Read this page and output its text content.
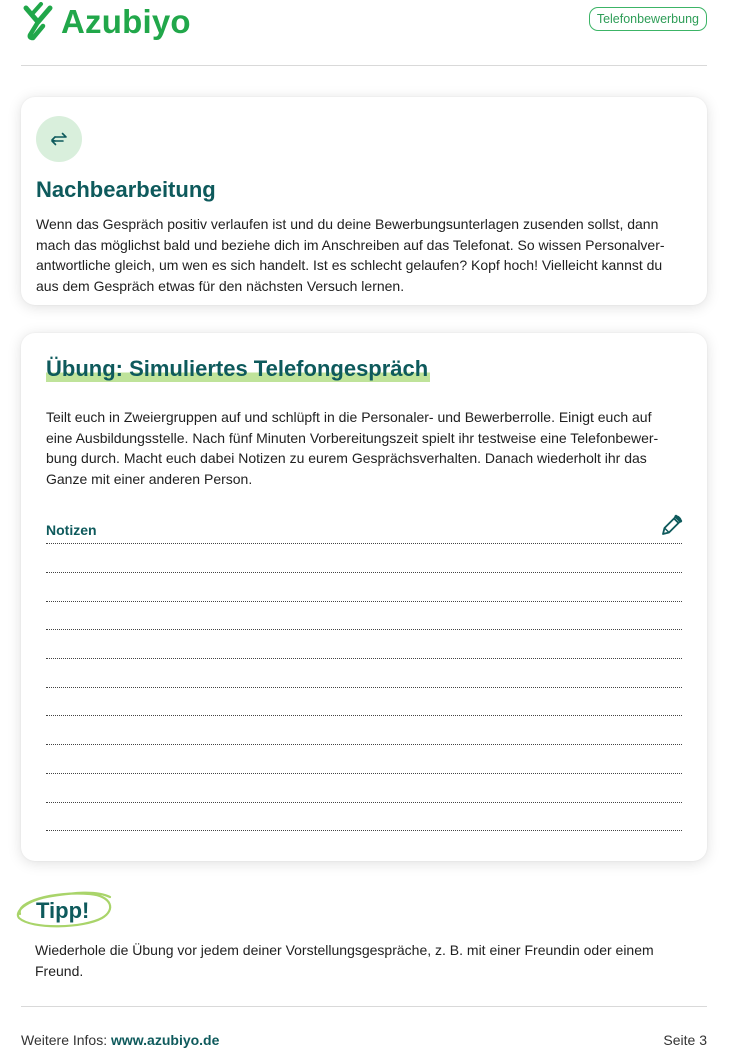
Azubiyo	Telefonbewerbung
Nachbearbeitung
Wenn das Gespräch positiv verlaufen ist und du deine Bewerbungsunterlagen zusenden sollst, dann
mach das möglichst bald und beziehe dich im Anschreiben auf das Telefonat. So wissen Personalver-
antwortliche gleich, um wen es sich handelt. Ist es schlecht gelaufen? Kopf hoch! Vielleicht kannst du
aus dem Gespräch etwas für den nächsten Versuch lernen.
Übung: Simuliertes Telefongespräch
Teilt euch in Zweiergruppen auf und schlüpft in die Personaler- und Bewerberrolle. Einigt euch auf
eine Ausbildungsstelle. Nach fünf Minuten Vorbereitungszeit spielt ihr testweise eine Telefonbewer-
bung durch. Macht euch dabei Notizen zu eurem Gesprächsverhalten. Danach wiederholt ihr das
Ganze mit einer anderen Person.
Notizen
Tipp!
Wiederhole die Übung vor jedem deiner Vorstellungsgespräche, z. B. mit einer Freundin oder einem
Freund.
Weitere Infos: www.azubiyo.de	Seite 3
